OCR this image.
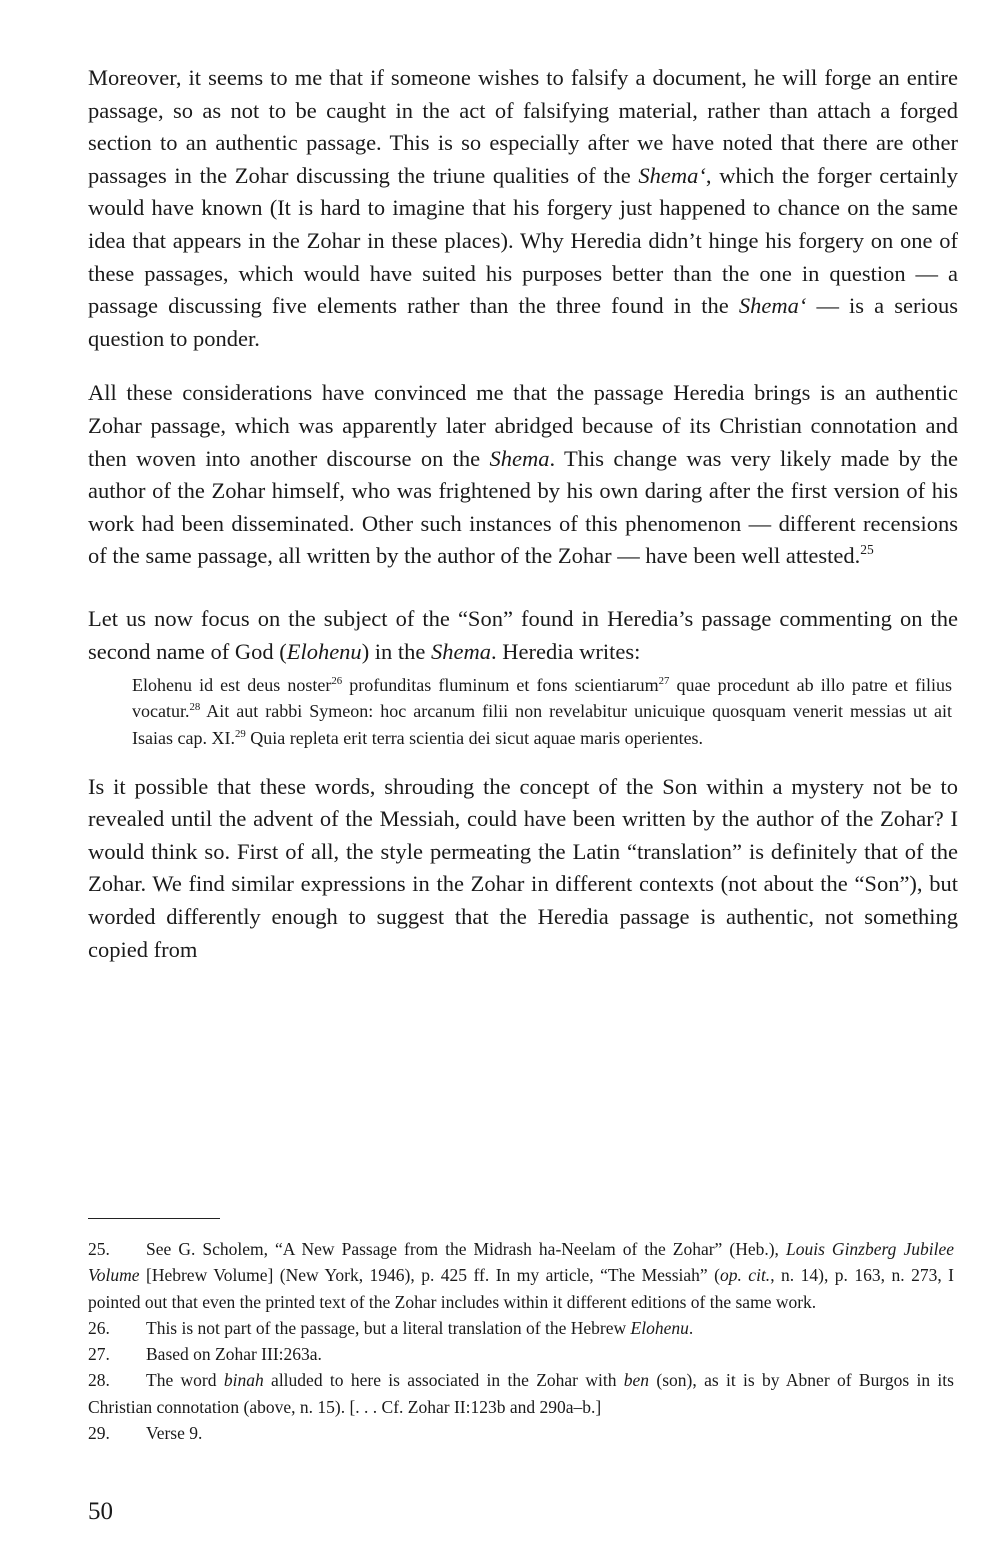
Moreover, it seems to me that if someone wishes to falsify a document, he will forge an entire passage, so as not to be caught in the act of falsifying material, rather than attach a forged section to an authentic passage. This is so especially after we have noted that there are other passages in the Zohar discussing the triune qualities of the Shema‘, which the forger certainly would have known (It is hard to imagine that his forgery just happened to chance on the same idea that appears in the Zohar in these places). Why Heredia didn’t hinge his forgery on one of these passages, which would have suited his purposes better than the one in question — a passage discussing five elements rather than the three found in the Shema‘ — is a serious question to ponder.

All these considerations have convinced me that the passage Heredia brings is an authentic Zohar passage, which was apparently later abridged because of its Christian connotation and then woven into another discourse on the Shema. This change was very likely made by the author of the Zohar himself, who was frightened by his own daring after the first version of his work had been disseminated. Other such instances of this phenomenon — different recensions of the same passage, all written by the author of the Zohar — have been well attested.$^{25}$

Let us now focus on the subject of the “Son” found in Heredia’s passage commenting on the second name of God (Elohenu) in the Shema. Heredia writes:

Elohenu id est deus noster$^{26}$ profunditas fluminum et fons scientiarum$^{27}$ quae procedunt ab illo patre et filius vocatur.$^{28}$ Ait aut rabbi Symeon: hoc arcanum filii non revelabitur unicuique quosquam venerit messias ut ait Isaias cap. XI.$^{29}$ Quia repleta erit terra scientia dei sicut aquae maris operientes.

Is it possible that these words, shrouding the concept of the Son within a mystery not be to revealed until the advent of the Messiah, could have been written by the author of the Zohar? I would think so. First of all, the style permeating the Latin “translation” is definitely that of the Zohar. We find similar expressions in the Zohar in different contexts (not about the “Son”), but worded differently enough to suggest that the Heredia passage is authentic, not something copied from

25. See G. Scholem, “A New Passage from the Midrash ha-Neelam of the Zohar” (Heb.), Louis Ginzberg Jubilee Volume [Hebrew Volume] (New York, 1946), p. 425 ff. In my article, “The Messiah” (op. cit., n. 14), p. 163, n. 273, I pointed out that even the printed text of the Zohar includes within it different editions of the same work.

26. This is not part of the passage, but a literal translation of the Hebrew Elohenu.

27. Based on Zohar III:263a.

28. The word binah alluded to here is associated in the Zohar with ben (son), as it is by Abner of Burgos in its Christian connotation (above, n. 15). [. . . Cf. Zohar II:123b and 290a–b.]

29. Verse 9.

50
